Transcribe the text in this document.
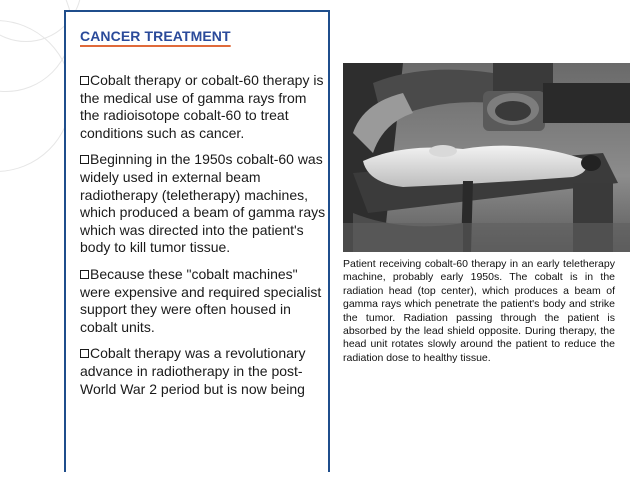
CANCER TREATMENT
Cobalt therapy or cobalt-60 therapy is the medical use of gamma rays from the radioisotope cobalt-60 to treat conditions such as cancer.
Beginning in the 1950s cobalt-60 was widely used in external beam radiotherapy (teletherapy) machines, which produced a beam of gamma rays which was directed into the patient's body to kill tumor tissue.
Because these "cobalt machines" were expensive and required specialist support they were often housed in cobalt units.
Cobalt therapy was a revolutionary advance in radiotherapy in the post-World War 2 period but is now being

Patient receiving cobalt-60 therapy in an early teletherapy machine, probably early 1950s. The cobalt is in the radiation head (top center), which produces a beam of gamma rays which penetrate the patient's body and strike the tumor. Radiation passing through the patient is absorbed by the lead shield opposite. During therapy, the head unit rotates slowly around the patient to reduce the radiation dose to healthy tissue.
